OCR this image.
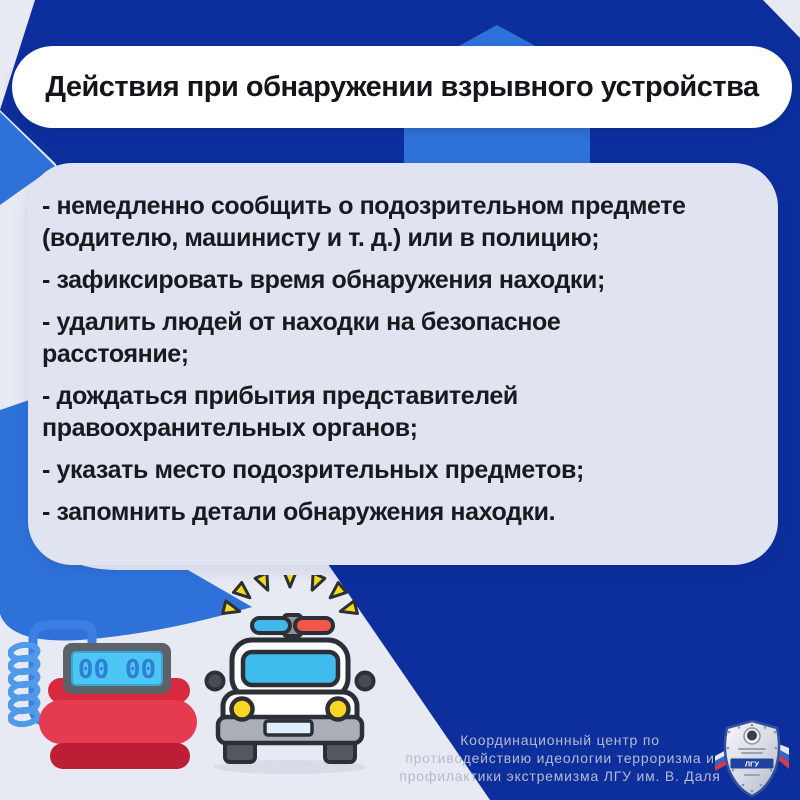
- немедленно сообщить о подозрительном предмете
(водителю, машинисту и т. д.) или в полицию;

- зафиксировать время обнаружения находки;

- удалить людей от находки на безопасное
расстояние;

- дождаться прибытия представителей
правоохранительных органов;

- указать место подозрительных предметов;

- запомнить детали обнаружения находки.

Действия при обнаружении взрывного устройства
00 00
Координационный центр по
противодействию идеологии терроризма и
профилактики экстремизма ЛГУ им. В. Даля
ЛГУ
